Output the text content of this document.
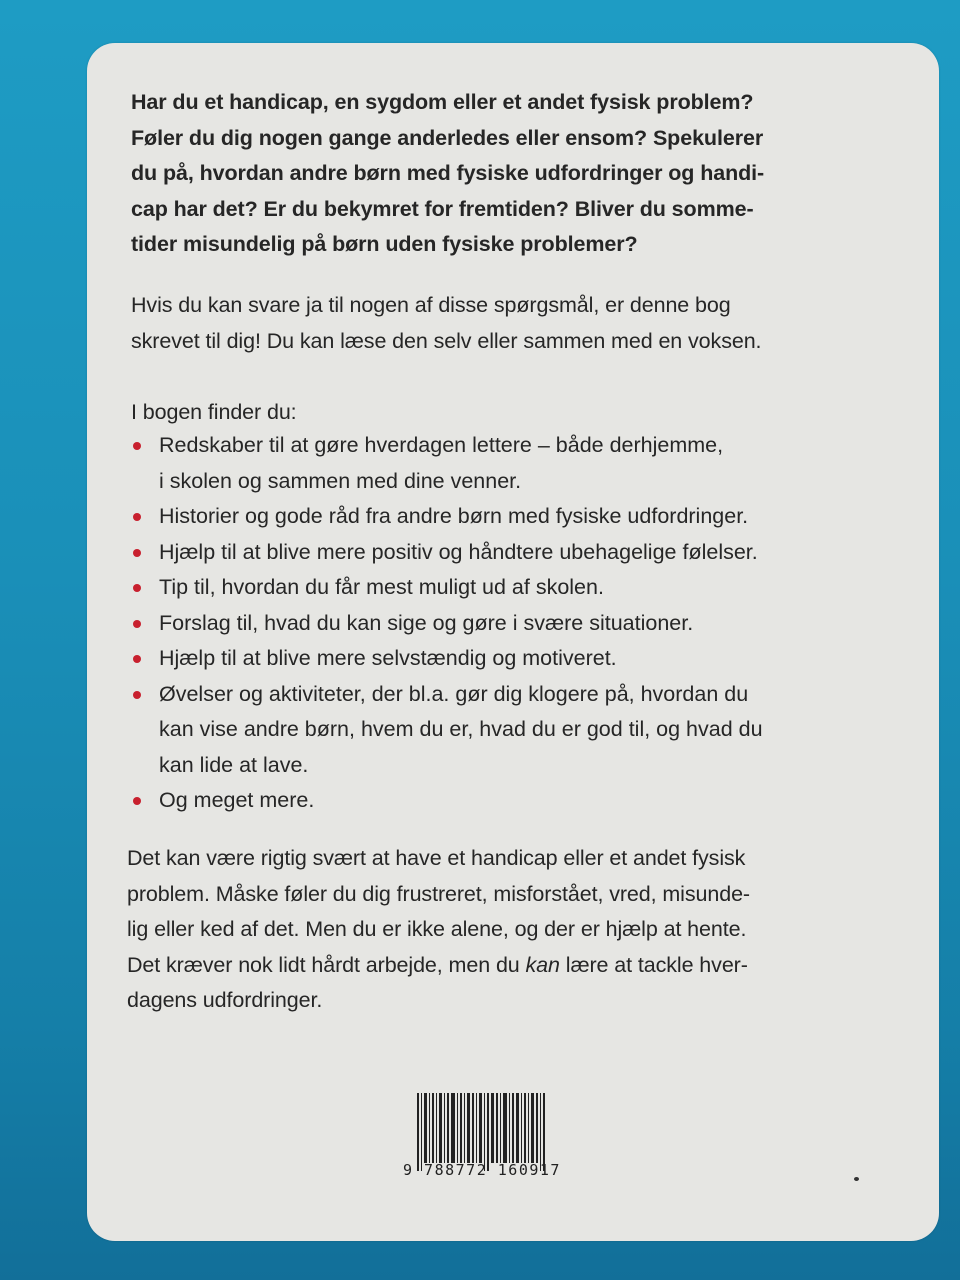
Har du et handicap, en sygdom eller et andet fysisk problem?
Føler du dig nogen gange anderledes eller ensom? Spekulerer
du på, hvordan andre børn med fysiske udfordringer og handi-
cap har det? Er du bekymret for fremtiden? Bliver du somme-
tider misundelig på børn uden fysiske problemer?
Hvis du kan svare ja til nogen af disse spørgsmål, er denne bog
skrevet til dig! Du kan læse den selv eller sammen med en voksen.
I bogen finder du:
Redskaber til at gøre hverdagen lettere – både derhjemme,
i skolen og sammen med dine venner.
Historier og gode råd fra andre børn med fysiske udfordringer.
Hjælp til at blive mere positiv og håndtere ubehagelige følelser.
Tip til, hvordan du får mest muligt ud af skolen.
Forslag til, hvad du kan sige og gøre i svære situationer.
Hjælp til at blive mere selvstændig og motiveret.
Øvelser og aktiviteter, der bl.a. gør dig klogere på, hvordan du
kan vise andre børn, hvem du er, hvad du er god til, og hvad du
kan lide at lave.
Og meget mere.
Det kan være rigtig svært at have et handicap eller et andet fysisk
problem. Måske føler du dig frustreret, misforstået, vred, misunde-
lig eller ked af det. Men du er ikke alene, og der er hjælp at hente.
Det kræver nok lidt hårdt arbejde, men du kan lære at tackle hver-
dagens udfordringer.
9 788772 160917
